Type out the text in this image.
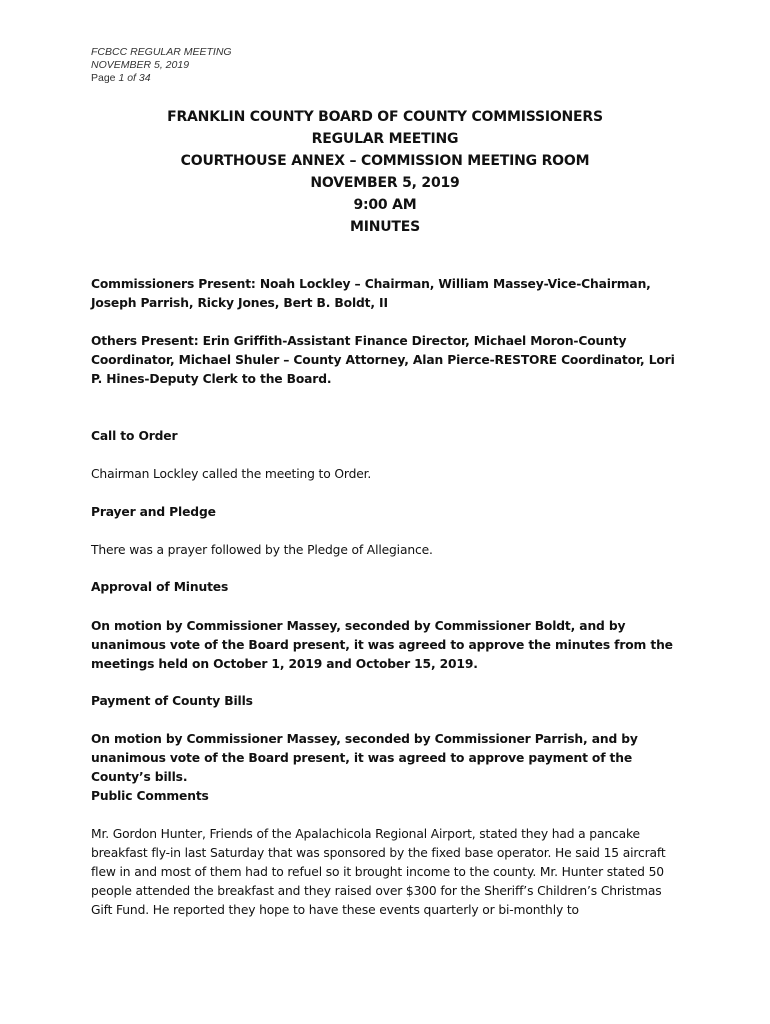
FCBCC REGULAR MEETING
NOVEMBER 5, 2019
Page 1 of 34
FRANKLIN COUNTY BOARD OF COUNTY COMMISSIONERS
REGULAR MEETING
COURTHOUSE ANNEX – COMMISSION MEETING ROOM
NOVEMBER 5, 2019
9:00 AM
MINUTES

Commissioners Present: Noah Lockley – Chairman, William Massey-Vice-Chairman, Joseph Parrish, Ricky Jones, Bert B. Boldt, II

Others Present: Erin Griffith-Assistant Finance Director, Michael Moron-County Coordinator, Michael Shuler – County Attorney, Alan Pierce-RESTORE Coordinator, Lori P. Hines-Deputy Clerk to the Board.

Call to Order

Chairman Lockley called the meeting to Order.

Prayer and Pledge

There was a prayer followed by the Pledge of Allegiance.

Approval of Minutes

On motion by Commissioner Massey, seconded by Commissioner Boldt, and by unanimous vote of the Board present, it was agreed to approve the minutes from the meetings held on October 1, 2019 and October 15, 2019.

Payment of County Bills

On motion by Commissioner Massey, seconded by Commissioner Parrish, and by unanimous vote of the Board present, it was agreed to approve payment of the County’s bills.

Public Comments

Mr. Gordon Hunter, Friends of the Apalachicola Regional Airport, stated they had a pancake breakfast fly-in last Saturday that was sponsored by the fixed base operator. He said 15 aircraft flew in and most of them had to refuel so it brought income to the county. Mr. Hunter stated 50 people attended the breakfast and they raised over $300 for the Sheriff’s Children’s Christmas Gift Fund. He reported they hope to have these events quarterly or bi-monthly to
